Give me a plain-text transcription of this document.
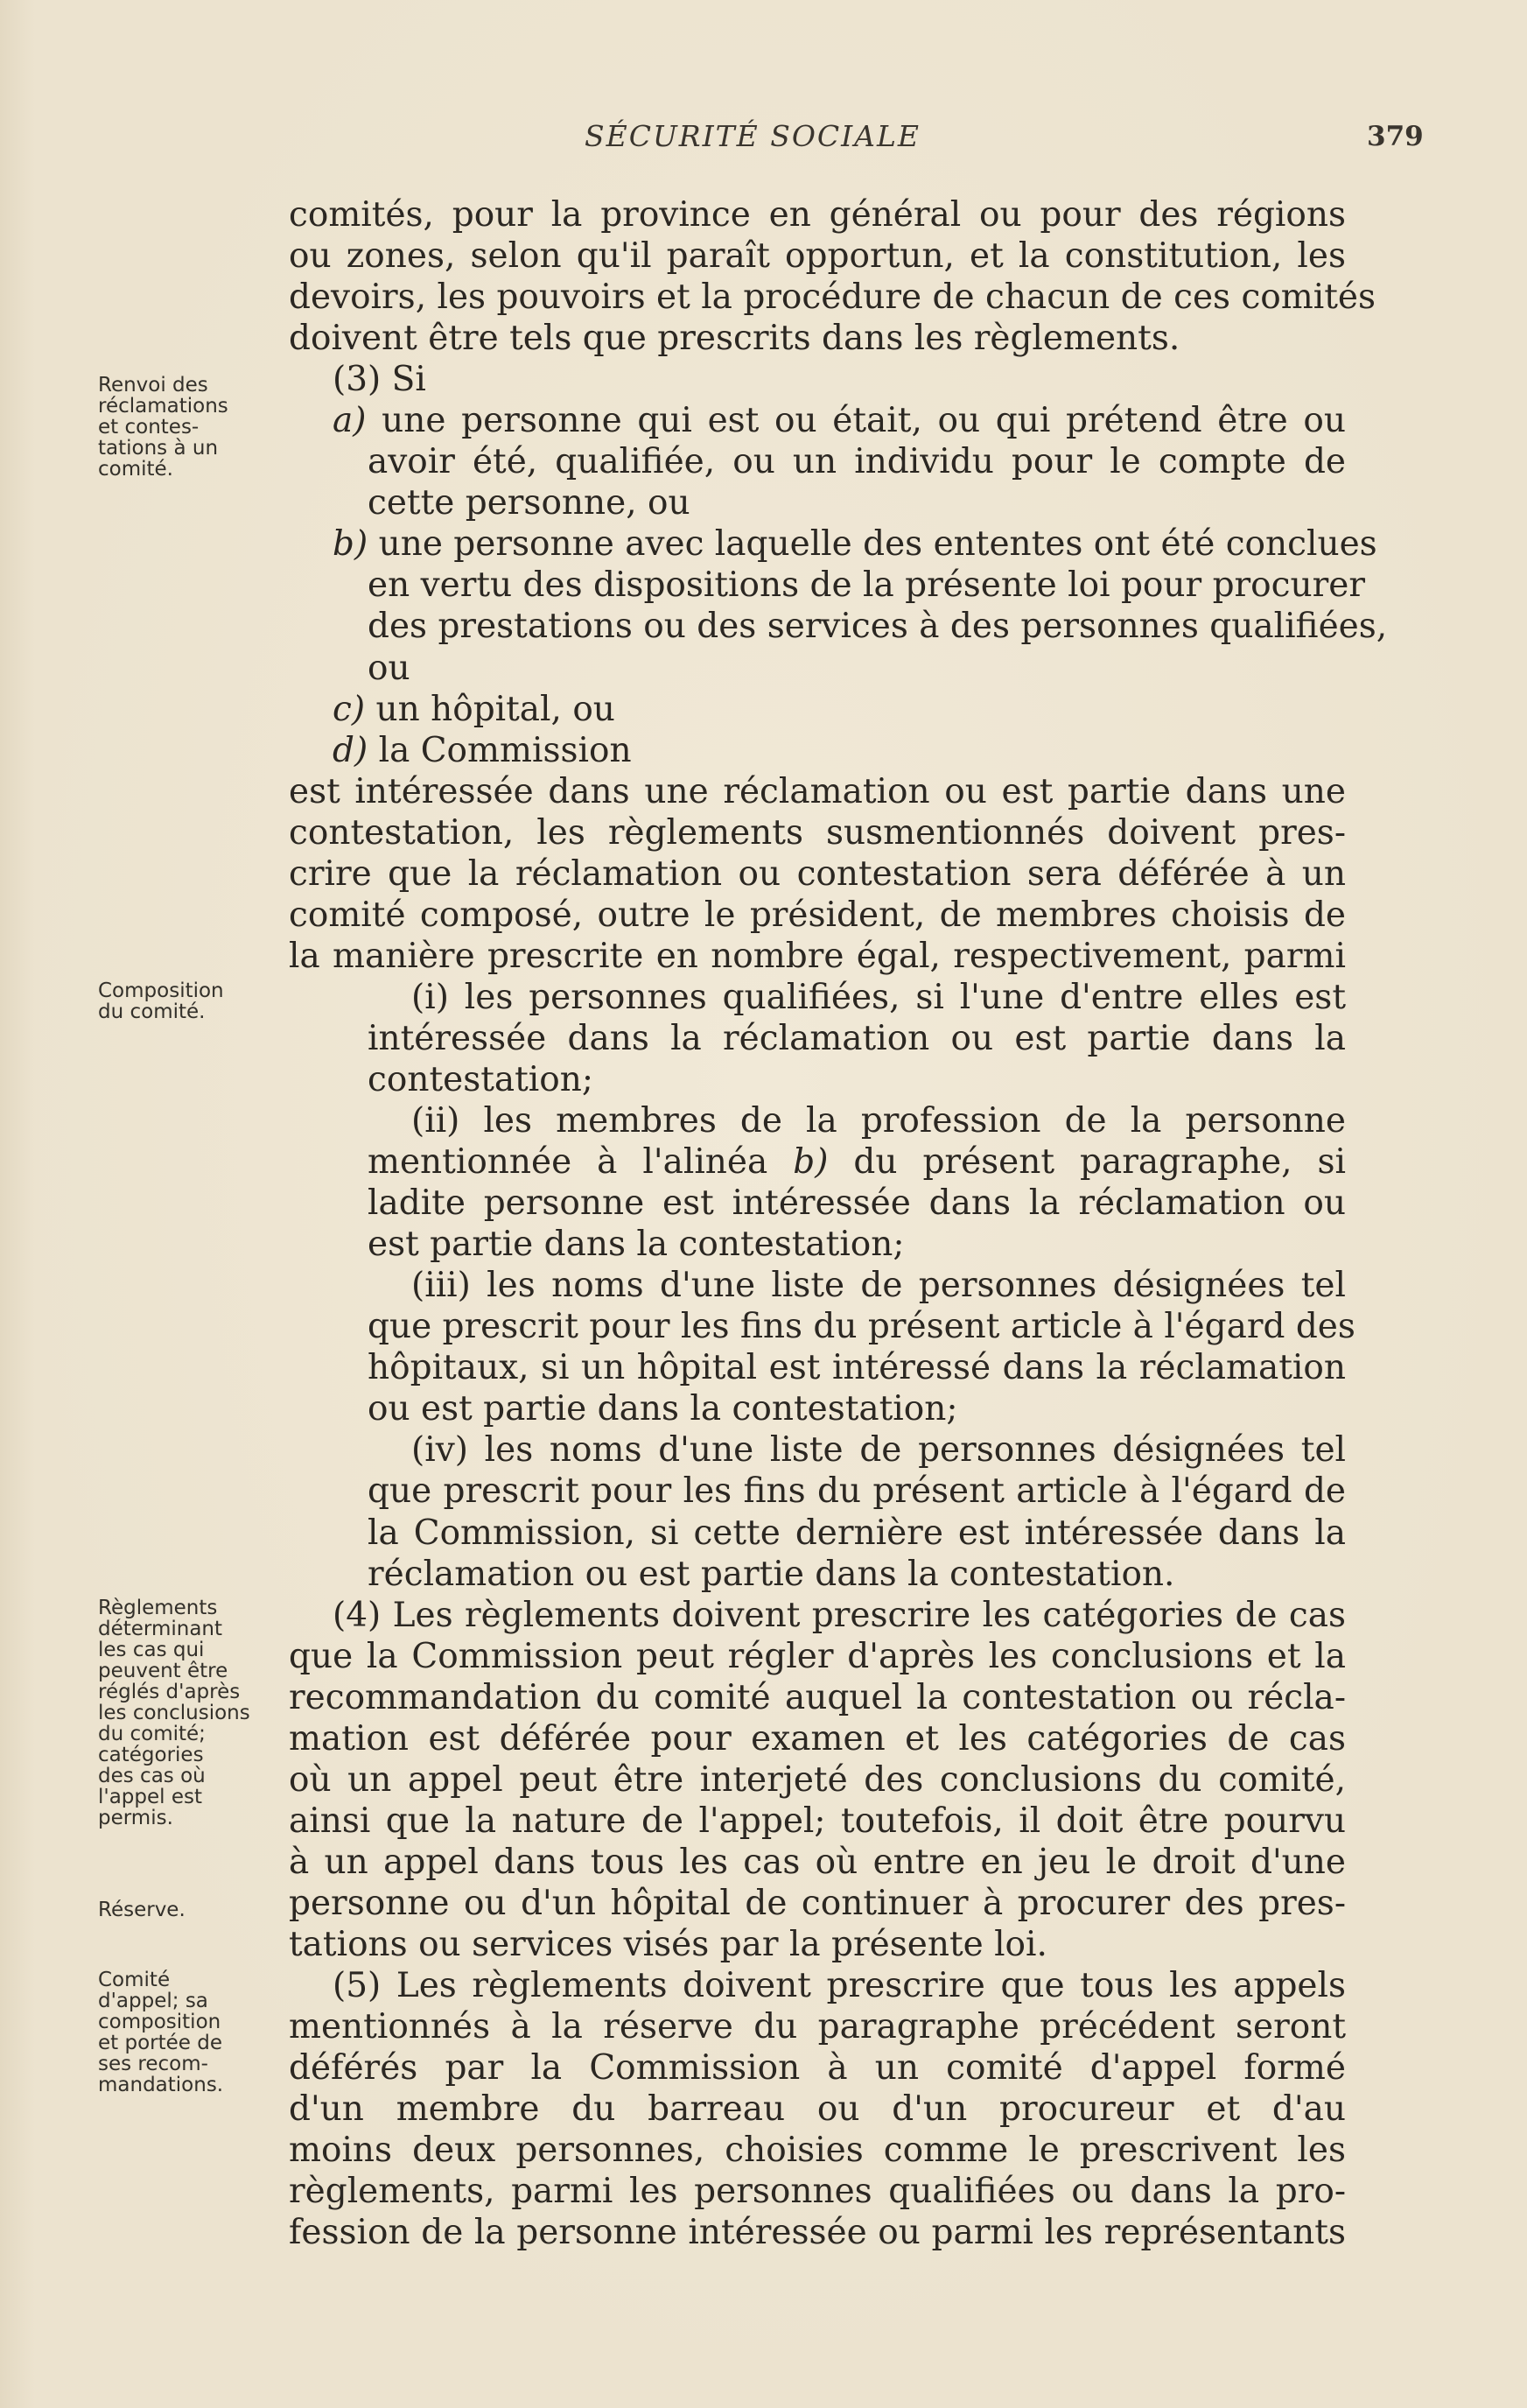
SÉCURITÉ SOCIALE	379
Renvoi des
réclamations
et contes-
tations à un
comité.
Composition
du comité.
Règlements
déterminant
les cas qui
peuvent être
réglés d'après
les conclusions
du comité;
catégories
des cas où
l'appel est
permis.
Réserve.
Comité
d'appel; sa
composition
et portée de
ses recom-
mandations.
comités, pour la province en général ou pour des régions
ou zones, selon qu'il paraît opportun, et la constitution, les
devoirs, les pouvoirs et la procédure de chacun de ces comités
doivent être tels que prescrits dans les règlements.
(3) Si
a) une personne qui est ou était, ou qui prétend être ou
avoir été, qualifiée, ou un individu pour le compte de
cette personne, ou
b) une personne avec laquelle des ententes ont été conclues
en vertu des dispositions de la présente loi pour procurer
des prestations ou des services à des personnes qualifiées,
ou
c) un hôpital, ou
d) la Commission
est intéressée dans une réclamation ou est partie dans une
contestation, les règlements susmentionnés doivent pres-
crire que la réclamation ou contestation sera déférée à un
comité composé, outre le président, de membres choisis de
la manière prescrite en nombre égal, respectivement, parmi
(i) les personnes qualifiées, si l'une d'entre elles est
intéressée dans la réclamation ou est partie dans la
contestation;
(ii) les membres de la profession de la personne
mentionnée à l'alinéa b) du présent paragraphe, si
ladite personne est intéressée dans la réclamation ou
est partie dans la contestation;
(iii) les noms d'une liste de personnes désignées tel
que prescrit pour les fins du présent article à l'égard des
hôpitaux, si un hôpital est intéressé dans la réclamation
ou est partie dans la contestation;
(iv) les noms d'une liste de personnes désignées tel
que prescrit pour les fins du présent article à l'égard de
la Commission, si cette dernière est intéressée dans la
réclamation ou est partie dans la contestation.
(4) Les règlements doivent prescrire les catégories de cas
que la Commission peut régler d'après les conclusions et la
recommandation du comité auquel la contestation ou récla-
mation est déférée pour examen et les catégories de cas
où un appel peut être interjeté des conclusions du comité,
ainsi que la nature de l'appel; toutefois, il doit être pourvu
à un appel dans tous les cas où entre en jeu le droit d'une
personne ou d'un hôpital de continuer à procurer des pres-
tations ou services visés par la présente loi.
(5) Les règlements doivent prescrire que tous les appels
mentionnés à la réserve du paragraphe précédent seront
déférés par la Commission à un comité d'appel formé
d'un membre du barreau ou d'un procureur et d'au
moins deux personnes, choisies comme le prescrivent les
règlements, parmi les personnes qualifiées ou dans la pro-
fession de la personne intéressée ou parmi les représentants
